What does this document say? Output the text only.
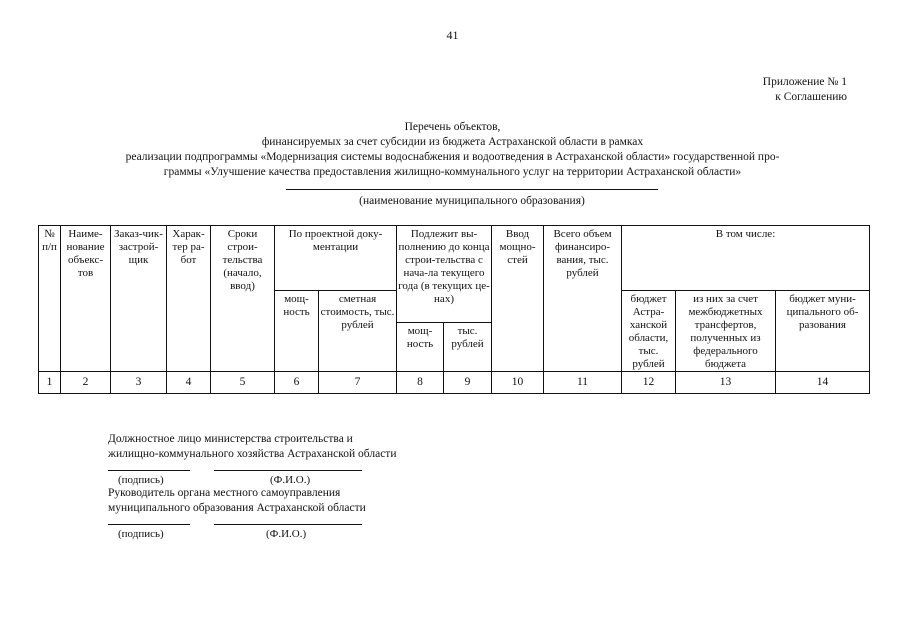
41
Приложение № 1
к Соглашению
Перечень объектов,
финансируемых за счет субсидии из бюджета Астраханской области в рамках
реализации подпрограммы «Модернизация системы водоснабжения и водоотведения в Астраханской области» государственной про-
граммы «Улучшение качества предоставления жилищно-коммунального услуг на территории Астраханской области»
(наименование муниципального образования)
№ п/п	Наиме-нование объекс-тов	Заказ-чик-застрой-щик	Харак-тер ра-бот	Сроки строи-тельства (начало, ввод)	По проектной доку-ментации		Подлежит вы-полнению до конца строи-тельства с нача-ла текущего года (в текущих це-нах)		Ввод мощно-стей	Всего объем финансиро-вания, тыс. рублей	В том числе:		
					мощ-ность	сметная стоимость, тыс. рублей					бюджет Астра-ханской области, тыс. рублей	из них за счет межбюджетных трансфертов, полученных из федерального бюджета	бюджет муни-ципального об-разования
							мощ-ность	тыс. рублей					
1	2	3	4	5	6	7	8	9	10	11	12	13	14
Должностное лицо министерства строительства и
жилищно-коммунального хозяйства Астраханской области
(подпись)	(Ф.И.О.)
Руководитель органа местного самоуправления
муниципального образования Астраханской области
(подпись)	(Ф.И.О.)
